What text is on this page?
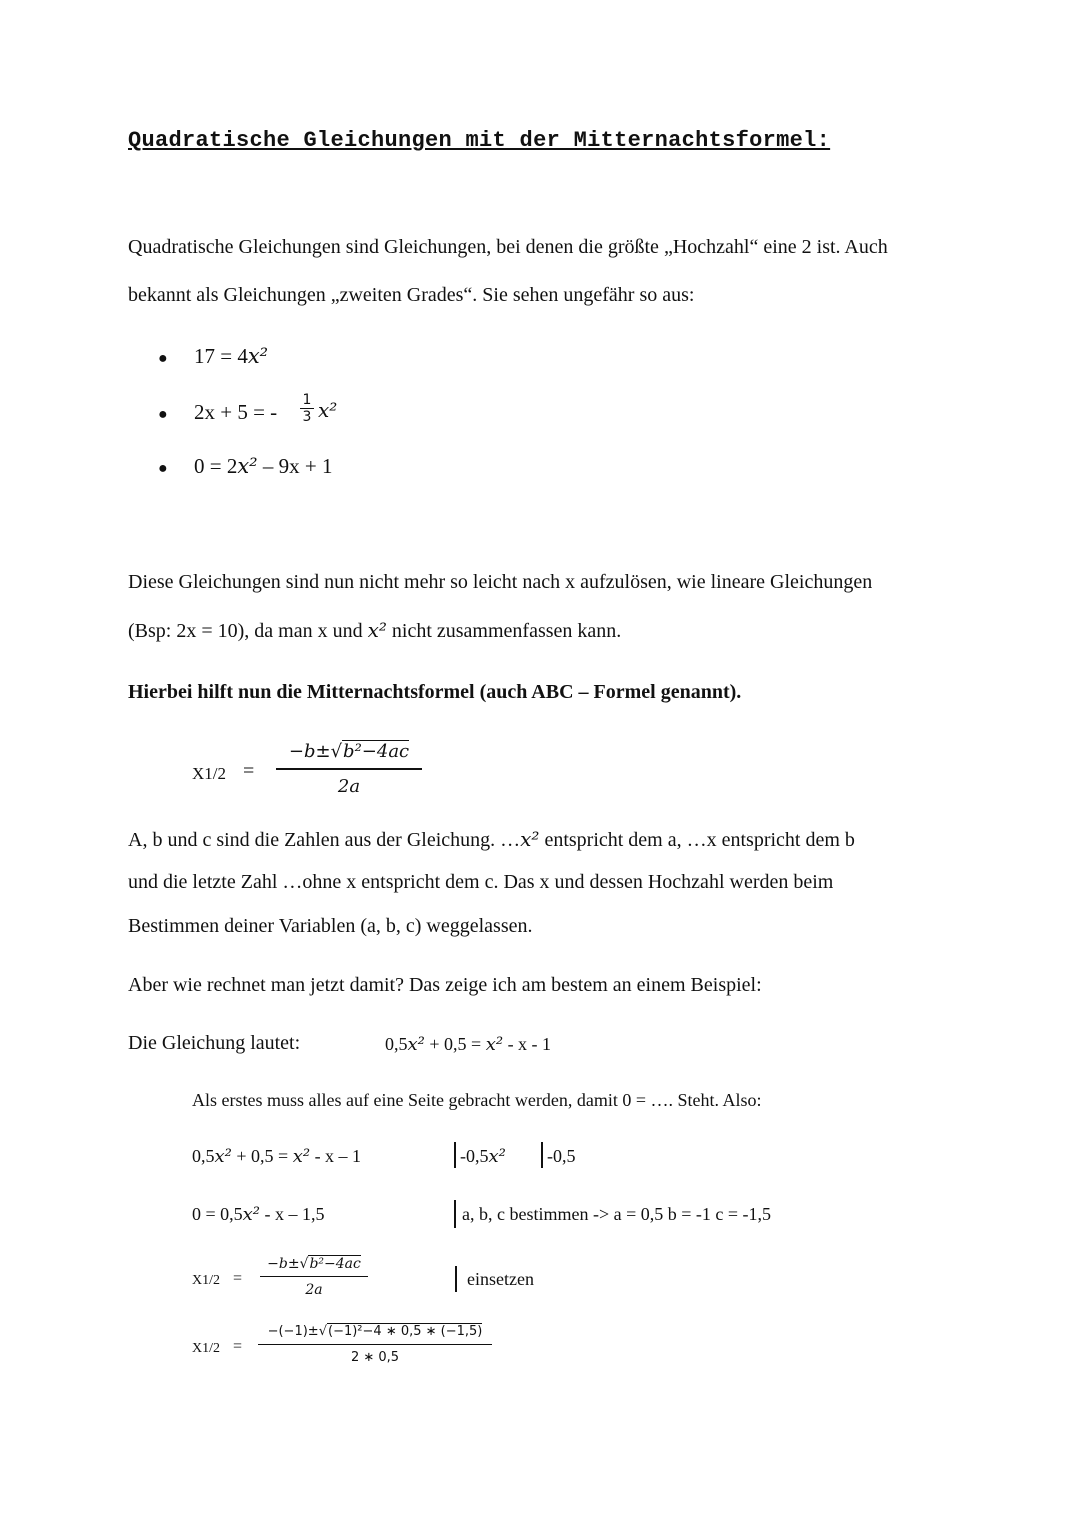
Quadratische Gleichungen mit der Mitternachtsformel:
Quadratische Gleichungen sind Gleichungen, bei denen die größte „Hochzahl“ eine 2 ist. Auch
bekannt als Gleichungen „zweiten Grades“. Sie sehen ungefähr so aus:
● 17 = 4x²
● 2x + 5 = - 1
3 x²
● 0 = 2x² – 9x + 1
Diese Gleichungen sind nun nicht mehr so leicht nach x aufzulösen, wie lineare Gleichungen
(Bsp: 2x = 10), da man x und x² nicht zusammenfassen kann.
Hierbei hilft nun die Mitternachtsformel (auch ABC – Formel genannt).
X1/2 =
−b±√b²−4ac
2a
A, b und c sind die Zahlen aus der Gleichung. …x² entspricht dem a, …x entspricht dem b
und die letzte Zahl …ohne x entspricht dem c. Das x und dessen Hochzahl werden beim
Bestimmen deiner Variablen (a, b, c) weggelassen.
Aber wie rechnet man jetzt damit? Das zeige ich am bestem an einem Beispiel:
Die Gleichung lautet:	0,5x² + 0,5 = x² - x - 1
Als erstes muss alles auf eine Seite gebracht werden, damit 0 = …. Steht. Also:
0,5x² + 0,5 = x² - x – 1	-0,5x² -0,5
0 = 0,5x² - x – 1,5	a, b, c bestimmen -> a = 0,5 b = -1 c = -1,5
X1/2 =
−b±√b²−4ac
2a
einsetzen
X1/2 =
−(−1)±√(−1)²−4 ∗ 0,5 ∗ (−1,5)
2 ∗ 0,5
